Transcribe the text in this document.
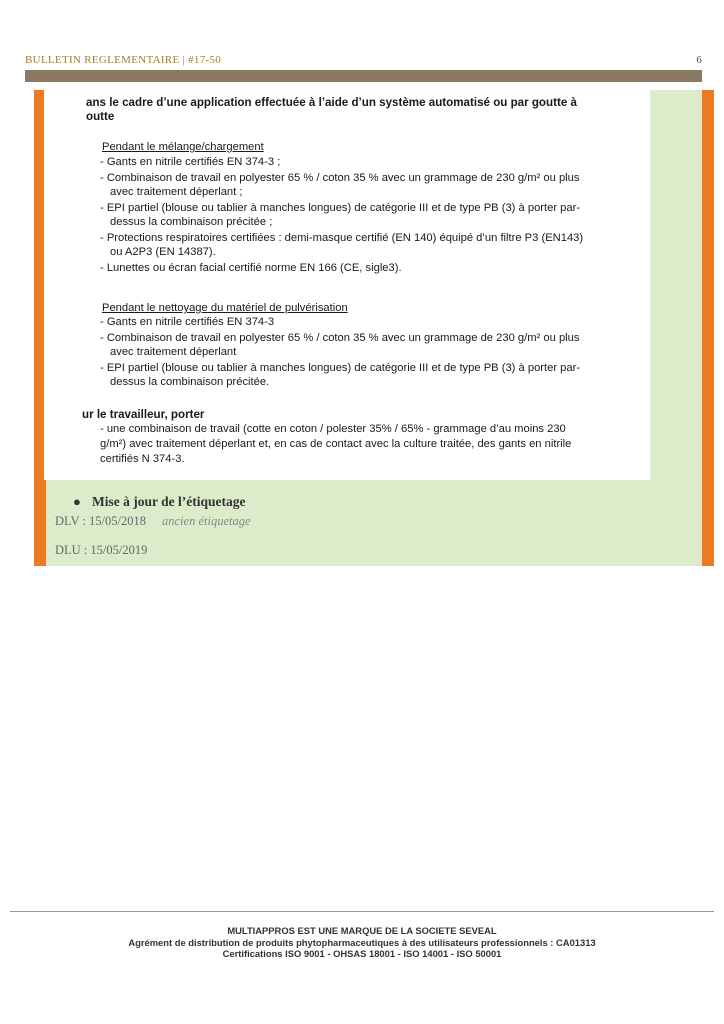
BULLETIN REGLEMENTAIRE | #17-50	6
ans le cadre d’une application effectuée à l’aide d’un système automatisé ou par goutte à
outte
Pendant le mélange/chargement
- Gants en nitrile certifiés EN 374-3 ;
- Combinaison de travail en polyester 65 % / coton 35 % avec un grammage de 230 g/m² ou plus
avec traitement déperlant ;
- EPI partiel (blouse ou tablier à manches longues) de catégorie III et de type PB (3) à porter par-
dessus la combinaison précitée ;
- Protections respiratoires certifiées : demi-masque certifié (EN 140) équipé d’un filtre P3 (EN143)
ou A2P3 (EN 14387).
- Lunettes ou écran facial certifié norme EN 166 (CE, sigle3).
Pendant le nettoyage du matériel de pulvérisation
- Gants en nitrile certifiés EN 374-3
- Combinaison de travail en polyester 65 % / coton 35 % avec un grammage de 230 g/m² ou plus
avec traitement déperlant
- EPI partiel (blouse ou tablier à manches longues) de catégorie III et de type PB (3) à porter par-
dessus la combinaison précitée.
ur le travailleur, porter
- une combinaison de travail (cotte en coton / polester 35% / 65% - grammage d’au moins 230
g/m²) avec traitement déperlant et, en cas de contact avec la culture traitée, des gants en nitrile
certifiés N 374-3.
● Mise à jour de l’étiquetage
DLV : 15/05/2018 ancien étiquetage
DLU : 15/05/2019
MULTIAPPROS EST UNE MARQUE DE LA SOCIETE SEVEAL
Agrément de distribution de produits phytopharmaceutiques à des utilisateurs professionnels : CA01313
Certifications ISO 9001 - OHSAS 18001 - ISO 14001 - ISO 50001
